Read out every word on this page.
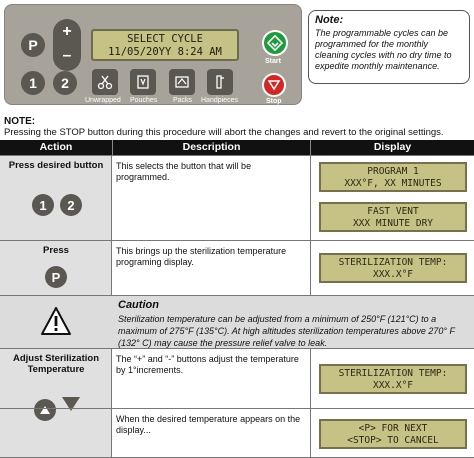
P
+
–
1	2
SELECT CYCLE
11/05/20YY 8:24 AM
Unwrapped Pouches Packs Handpieces
Start
Stop
Note:
The programmable cycles can be programmed for the monthly cleaning cycles with no dry time to expedite monthly maintenance.
NOTE:
Pressing the STOP button during this procedure will abort the changes and revert to the original settings.
Action	Description	Display
Press desired button
1	2
This selects the button that will be programmed.	PROGRAM 1
XXX°F, XX MINUTES
FAST VENT
XXX MINUTE DRY
Press
P
This brings up the sterilization temperature programing display.	STERILIZATION TEMP:
XXX.X°F
Caution
Sterilization temperature can be adjusted from a minimum of 250°F (121°C) to a maximum of 275°F (135°C). At high altitudes sterilization temperatures above 270° F (132° C) may cause the pressure relief valve to leak.
Adjust Sterilization Temperature
The “+” and “-” buttons adjust the temperature by 1°increments.	STERILIZATION TEMP:
XXX.X°F
When the desired temperature appears on the display...	<P> FOR NEXT
<STOP> TO CANCEL
